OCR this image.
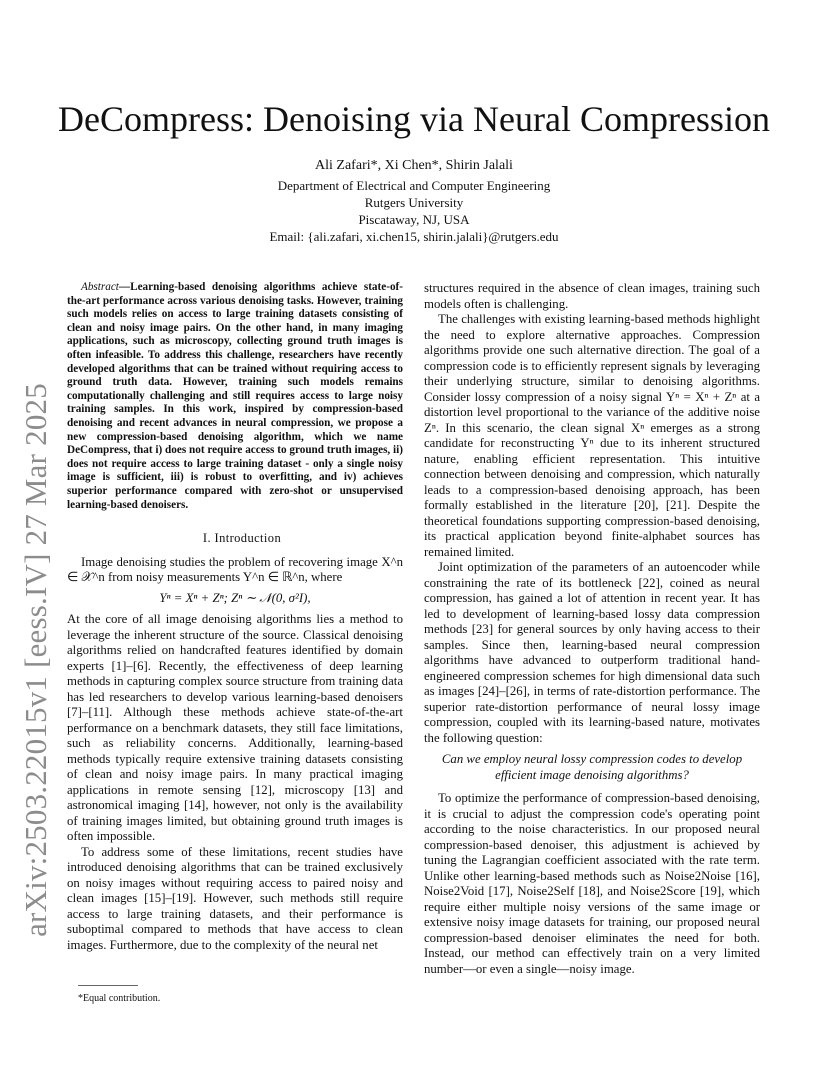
arXiv:2503.22015v1 [eess.IV] 27 Mar 2025
DeCompress: Denoising via Neural Compression
Ali Zafari*, Xi Chen*, Shirin Jalali
Department of Electrical and Computer Engineering
Rutgers University
Piscataway, NJ, USA
Email: {ali.zafari, xi.chen15, shirin.jalali}@rutgers.edu

Abstract—Learning-based denoising algorithms achieve state-of-the-art performance across various denoising tasks. However, training such models relies on access to large training datasets consisting of clean and noisy image pairs. On the other hand, in many imaging applications, such as microscopy, collecting ground truth images is often infeasible. To address this challenge, researchers have recently developed algorithms that can be trained without requiring access to ground truth data. However, training such models remains computationally challenging and still requires access to large noisy training samples. In this work, inspired by compression-based denoising and recent advances in neural compression, we propose a new compression-based denoising algorithm, which we name DeCompress, that i) does not require access to ground truth images, ii) does not require access to large training dataset - only a single noisy image is sufficient, iii) is robust to overfitting, and iv) achieves superior performance compared with zero-shot or unsupervised learning-based denoisers.

I. Introduction

Image denoising studies the problem of recovering image X^n ∈ 𝒳^n from noisy measurements Y^n ∈ ℝ^n, where

Yⁿ = Xⁿ + Zⁿ; Zⁿ ∼ 𝒩(0, σ²I),

At the core of all image denoising algorithms lies a method to leverage the inherent structure of the source. Classical denoising algorithms relied on handcrafted features identified by domain experts [1]–[6]. Recently, the effectiveness of deep learning methods in capturing complex source structure from training data has led researchers to develop various learning-based denoisers [7]–[11]. Although these methods achieve state-of-the-art performance on a benchmark datasets, they still face limitations, such as reliability concerns. Additionally, learning-based methods typically require extensive training datasets consisting of clean and noisy image pairs. In many practical imaging applications in remote sensing [12], microscopy [13] and astronomical imaging [14], however, not only is the availability of training images limited, but obtaining ground truth images is often impossible.

To address some of these limitations, recent studies have introduced denoising algorithms that can be trained exclusively on noisy images without requiring access to paired noisy and clean images [15]–[19]. However, such methods still require access to large training datasets, and their performance is suboptimal compared to methods that have access to clean images. Furthermore, due to the complexity of the neural net

*Equal contribution.

structures required in the absence of clean images, training such models often is challenging.

The challenges with existing learning-based methods highlight the need to explore alternative approaches. Compression algorithms provide one such alternative direction. The goal of a compression code is to efficiently represent signals by leveraging their underlying structure, similar to denoising algorithms. Consider lossy compression of a noisy signal Yⁿ = Xⁿ + Zⁿ at a distortion level proportional to the variance of the additive noise Zⁿ. In this scenario, the clean signal Xⁿ emerges as a strong candidate for reconstructing Yⁿ due to its inherent structured nature, enabling efficient representation. This intuitive connection between denoising and compression, which naturally leads to a compression-based denoising approach, has been formally established in the literature [20], [21]. Despite the theoretical foundations supporting compression-based denoising, its practical application beyond finite-alphabet sources has remained limited.

Joint optimization of the parameters of an autoencoder while constraining the rate of its bottleneck [22], coined as neural compression, has gained a lot of attention in recent year. It has led to development of learning-based lossy data compression methods [23] for general sources by only having access to their samples. Since then, learning-based neural compression algorithms have advanced to outperform traditional hand-engineered compression schemes for high dimensional data such as images [24]–[26], in terms of rate-distortion performance. The superior rate-distortion performance of neural lossy image compression, coupled with its learning-based nature, motivates the following question:

Can we employ neural lossy compression codes to develop efficient image denoising algorithms?

To optimize the performance of compression-based denoising, it is crucial to adjust the compression code's operating point according to the noise characteristics. In our proposed neural compression-based denoiser, this adjustment is achieved by tuning the Lagrangian coefficient associated with the rate term. Unlike other learning-based methods such as Noise2Noise [16], Noise2Void [17], Noise2Self [18], and Noise2Score [19], which require either multiple noisy versions of the same image or extensive noisy image datasets for training, our proposed neural compression-based denoiser eliminates the need for both. Instead, our method can effectively train on a very limited number—or even a single—noisy image.
